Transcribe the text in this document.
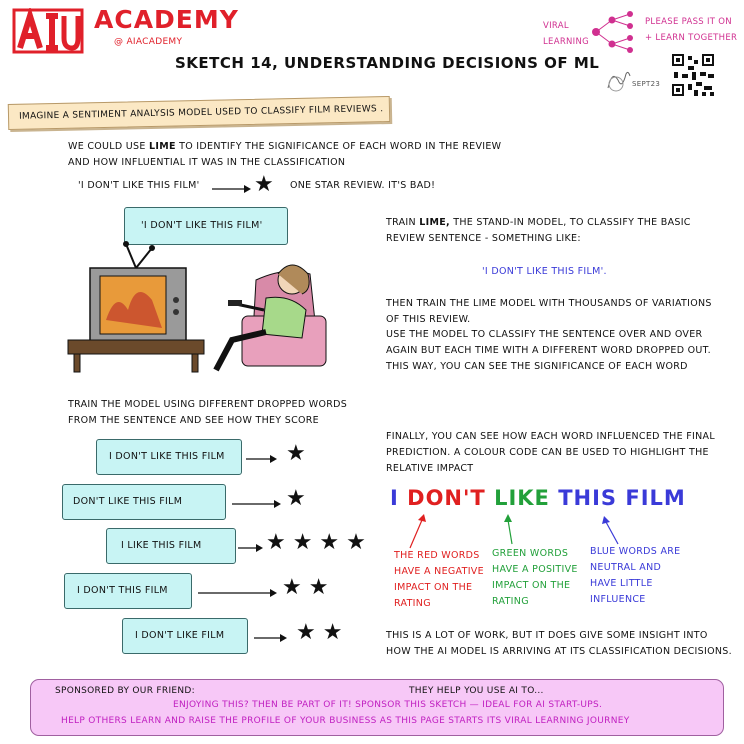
ACADEMY
@ AIACADEMY
SKETCH 14, UNDERSTANDING DECISIONS OF ML
VIRAL
LEARNING
PLEASE PASS IT ON
+ LEARN TOGETHER
SEPT23
IMAGINE A SENTIMENT ANALYSIS MODEL USED TO CLASSIFY FILM REVIEWS .
WE COULD USE LIME TO IDENTIFY THE SIGNIFICANCE OF EACH WORD IN THE REVIEW
AND HOW INFLUENTIAL IT WAS IN THE CLASSIFICATION
'I DON'T LIKE THIS FILM' ★ ONE STAR REVIEW. IT'S BAD!
'I DON'T LIKE THIS FILM'	TRAIN LIME, THE STAND-IN MODEL, TO CLASSIFY THE BASIC
REVIEW SENTENCE - SOMETHING LIKE:
'I DON'T LIKE THIS FILM'.
THEN TRAIN THE LIME MODEL WITH THOUSANDS OF VARIATIONS
OF THIS REVIEW.
USE THE MODEL TO CLASSIFY THE SENTENCE OVER AND OVER
AGAIN BUT EACH TIME WITH A DIFFERENT WORD DROPPED OUT.
THIS WAY, YOU CAN SEE THE SIGNIFICANCE OF EACH WORD
TRAIN THE MODEL USING DIFFERENT DROPPED WORDS
FROM THE SENTENCE AND SEE HOW THEY SCORE
I DON'T LIKE THIS FILM	★
DON'T LIKE THIS FILM	★
I LIKE THIS FILM	★ ★ ★ ★
I DON'T THIS FILM	★ ★
I DON'T LIKE FILM	★ ★
FINALLY, YOU CAN SEE HOW EACH WORD INFLUENCED THE FINAL
PREDICTION. A COLOUR CODE CAN BE USED TO HIGHLIGHT THE
RELATIVE IMPACT
I DON'T LIKE THIS FILM
THE RED WORDS
HAVE A NEGATIVE
IMPACT ON THE
RATING
GREEN WORDS
HAVE A POSITIVE
IMPACT ON THE
RATING
BLUE WORDS ARE
NEUTRAL AND
HAVE LITTLE
INFLUENCE
THIS IS A LOT OF WORK, BUT IT DOES GIVE SOME INSIGHT INTO
HOW THE AI MODEL IS ARRIVING AT ITS CLASSIFICATION DECISIONS.
SPONSORED BY OUR FRIEND:	THEY HELP YOU USE AI TO...
ENJOYING THIS? THEN BE PART OF IT! SPONSOR THIS SKETCH — IDEAL FOR AI START-UPS.
HELP OTHERS LEARN AND RAISE THE PROFILE OF YOUR BUSINESS AS THIS PAGE STARTS ITS VIRAL LEARNING JOURNEY
